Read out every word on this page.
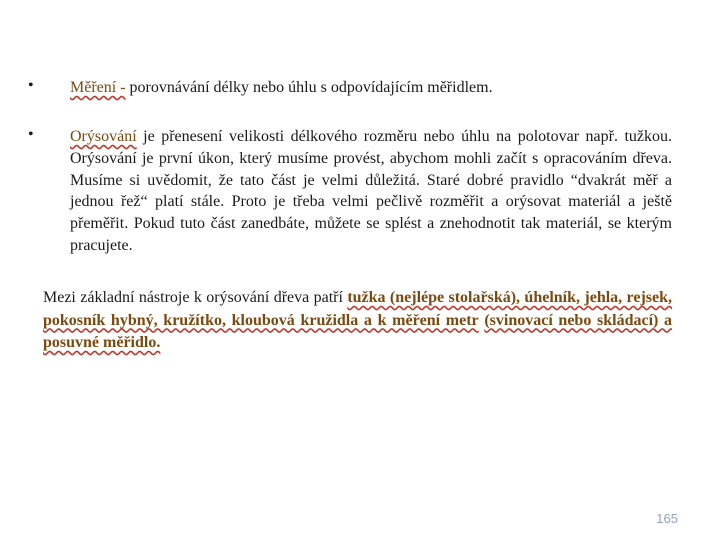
• Měření - porovnávání délky nebo úhlu s odpovídajícím měřidlem.
• Orýsování je přenesení velikosti délkového rozměru nebo úhlu na polotovar např. tužkou. Orýsování je první úkon, který musíme provést, abychom mohli začít s opracováním dřeva. Musíme si uvědomit, že tato část je velmi důležitá. Staré dobré pravidlo “dvakrát měř a jednou řež“ platí stále. Proto je třeba velmi pečlivě rozměřit a orýsovat materiál a ještě přeměřit. Pokud tuto část zanedbáte, můžete se splést a znehodnotit tak materiál, se kterým pracujete.
Mezi základní nástroje k orýsování dřeva patří tužka (nejlépe stolařská), úhelník, jehla, rejsek, pokosník hybný, kružítko, kloubová kružidla a k měření metr (svinovací nebo skládací) a posuvné měřidlo.
165
